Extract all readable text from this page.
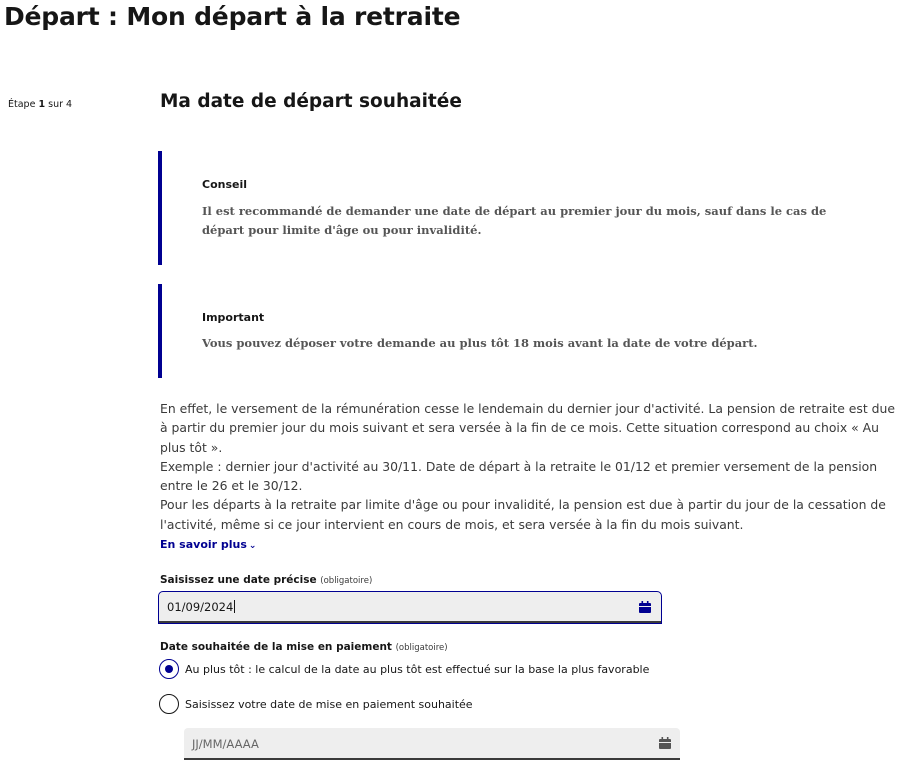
Départ : Mon départ à la retraite
Étape 1 sur 4	Ma date de départ souhaitée
Conseil
Il est recommandé de demander une date de départ au premier jour du mois, sauf dans le cas de départ pour limite d'âge ou pour invalidité.
Important
Vous pouvez déposer votre demande au plus tôt 18 mois avant la date de votre départ.

En effet, le versement de la rémunération cesse le lendemain du dernier jour d'activité. La pension de retraite est due à partir du premier jour du mois suivant et sera versée à la fin de ce mois. Cette situation correspond au choix « Au plus tôt ».

Exemple : dernier jour d'activité au 30/11. Date de départ à la retraite le 01/12 et premier versement de la pension entre le 26 et le 30/12.

Pour les départs à la retraite par limite d'âge ou pour invalidité, la pension est due à partir du jour de la cessation de l'activité, même si ce jour intervient en cours de mois, et sera versée à la fin du mois suivant.

En savoir plus ⌄
Saisissez une date précise (obligatoire)
01/09/2024
Date souhaitée de la mise en paiement (obligatoire)
Au plus tôt : le calcul de la date au plus tôt est effectué sur la base la plus favorable
Saisissez votre date de mise en paiement souhaitée
JJ/MM/AAAA
